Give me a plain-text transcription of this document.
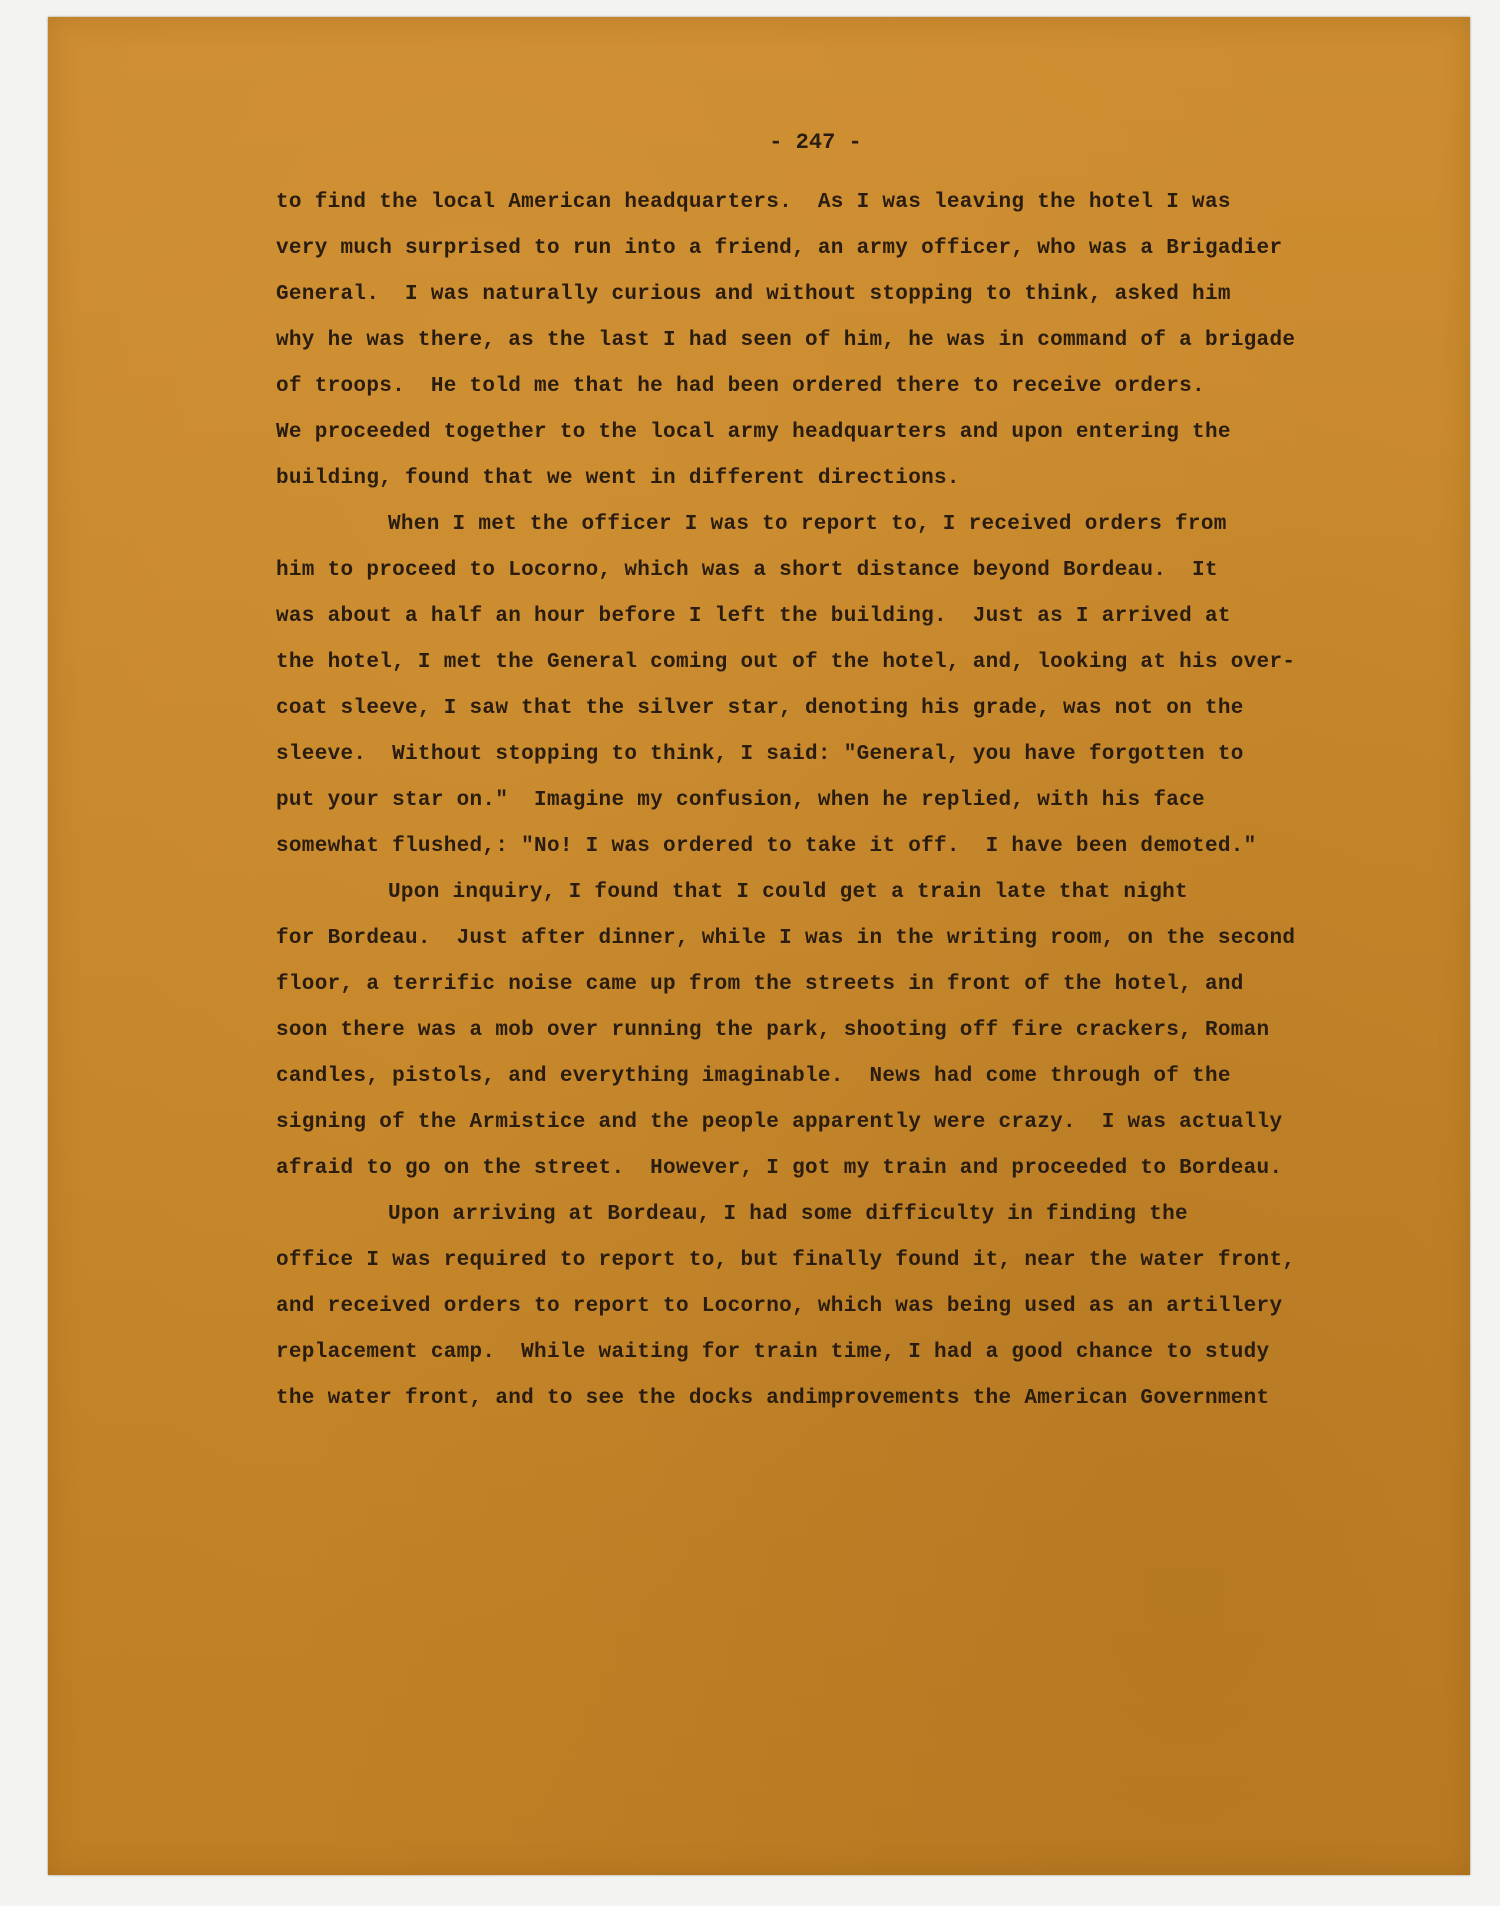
- 247 -
to find the local American headquarters.  As I was leaving the hotel I was
very much surprised to run into a friend, an army officer, who was a Brigadier
General.  I was naturally curious and without stopping to think, asked him
why he was there, as the last I had seen of him, he was in command of a brigade
of troops.  He told me that he had been ordered there to receive orders.
We proceeded together to the local army headquarters and upon entering the
building, found that we went in different directions.
When I met the officer I was to report to, I received orders from
him to proceed to Locorno, which was a short distance beyond Bordeau.  It
was about a half an hour before I left the building.  Just as I arrived at
the hotel, I met the General coming out of the hotel, and, looking at his over-
coat sleeve, I saw that the silver star, denoting his grade, was not on the
sleeve.  Without stopping to think, I said: "General, you have forgotten to
put your star on."  Imagine my confusion, when he replied, with his face
somewhat flushed,: "No! I was ordered to take it off.  I have been demoted."
Upon inquiry, I found that I could get a train late that night
for Bordeau.  Just after dinner, while I was in the writing room, on the second
floor, a terrific noise came up from the streets in front of the hotel, and
soon there was a mob over running the park, shooting off fire crackers, Roman
candles, pistols, and everything imaginable.  News had come through of the
signing of the Armistice and the people apparently were crazy.  I was actually
afraid to go on the street.  However, I got my train and proceeded to Bordeau.
Upon arriving at Bordeau, I had some difficulty in finding the
office I was required to report to, but finally found it, near the water front,
and received orders to report to Locorno, which was being used as an artillery
replacement camp.  While waiting for train time, I had a good chance to study
the water front, and to see the docks andimprovements the American Government
